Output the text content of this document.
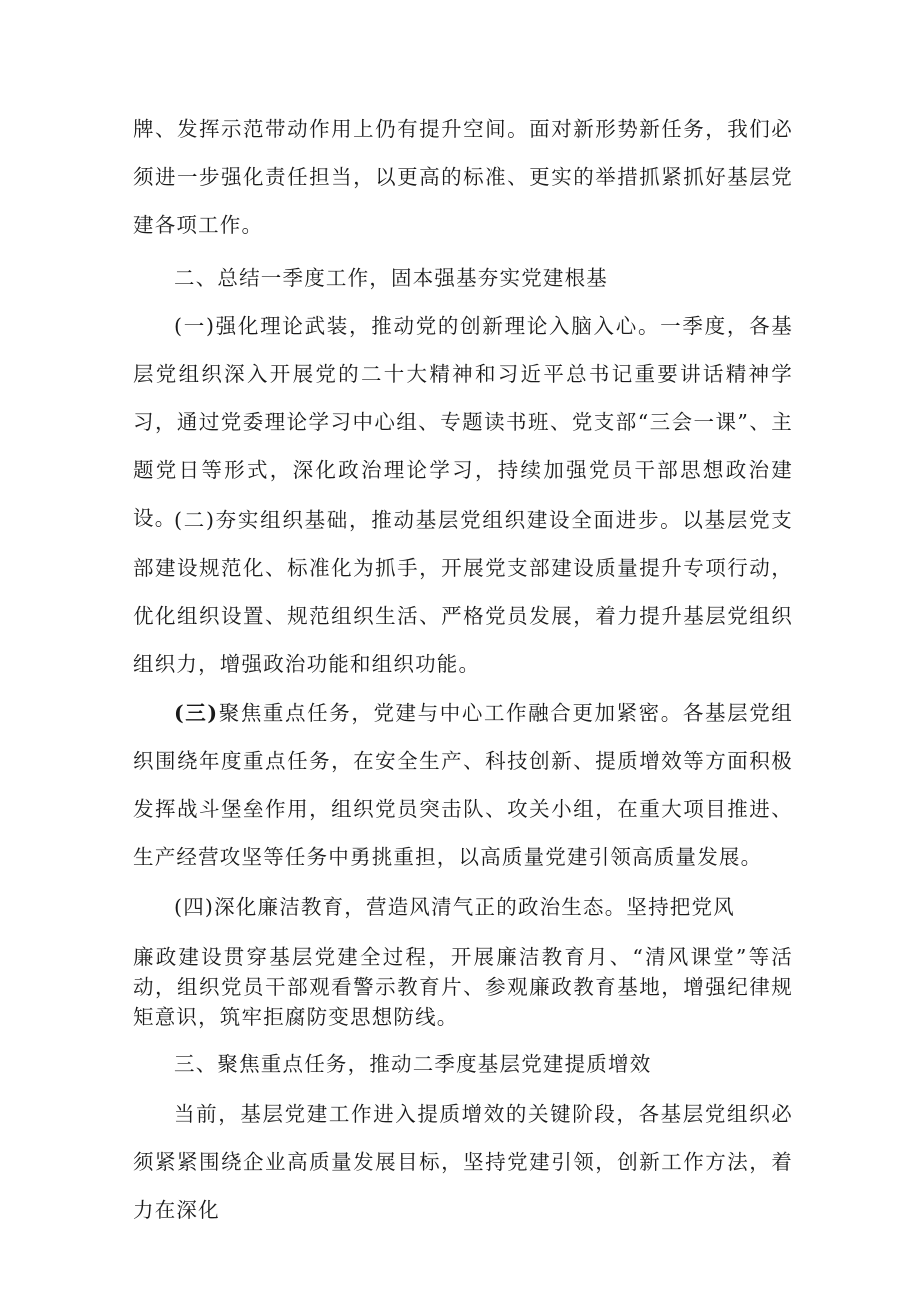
牌、发挥示范带动作用上仍有提升空间。面对新形势新任务，我们必须进一步强化责任担当，以更高的标准、更实的举措抓紧抓好基层党建各项工作。

二、总结一季度工作，固本强基夯实党建根基

(一)强化理论武装，推动党的创新理论入脑入心。一季度，各基层党组织深入开展党的二十大精神和习近平总书记重要讲话精神学习，通过党委理论学习中心组、专题读书班、党支部“三会一课”、主题党日等形式，深化政治理论学习，持续加强党员干部思想政治建设。

(二)夯实组织基础，推动基层党组织建设全面进步。以基层党支部建设规范化、标准化为抓手，开展党支部建设质量提升专项行动，优化组织设置、规范组织生活、严格党员发展，着力提升基层党组织组织力，增强政治功能和组织功能。

(三)聚焦重点任务，党建与中心工作融合更加紧密。各基层党组织围绕年度重点任务，在安全生产、科技创新、提质增效等方面积极发挥战斗堡垒作用，组织党员突击队、攻关小组，在重大项目推进、生产经营攻坚等任务中勇挑重担，以高质量党建引领高质量发展。

(四)深化廉洁教育，营造风清气正的政治生态。坚持把党风

廉政建设贯穿基层党建全过程，开展廉洁教育月、“清风课堂”等活动，组织党员干部观看警示教育片、参观廉政教育基地，增强纪律规矩意识，筑牢拒腐防变思想防线。

三、聚焦重点任务，推动二季度基层党建提质增效

当前，基层党建工作进入提质增效的关键阶段，各基层党组织必须紧紧围绕企业高质量发展目标，坚持党建引领，创新工作方法，着力在深化
